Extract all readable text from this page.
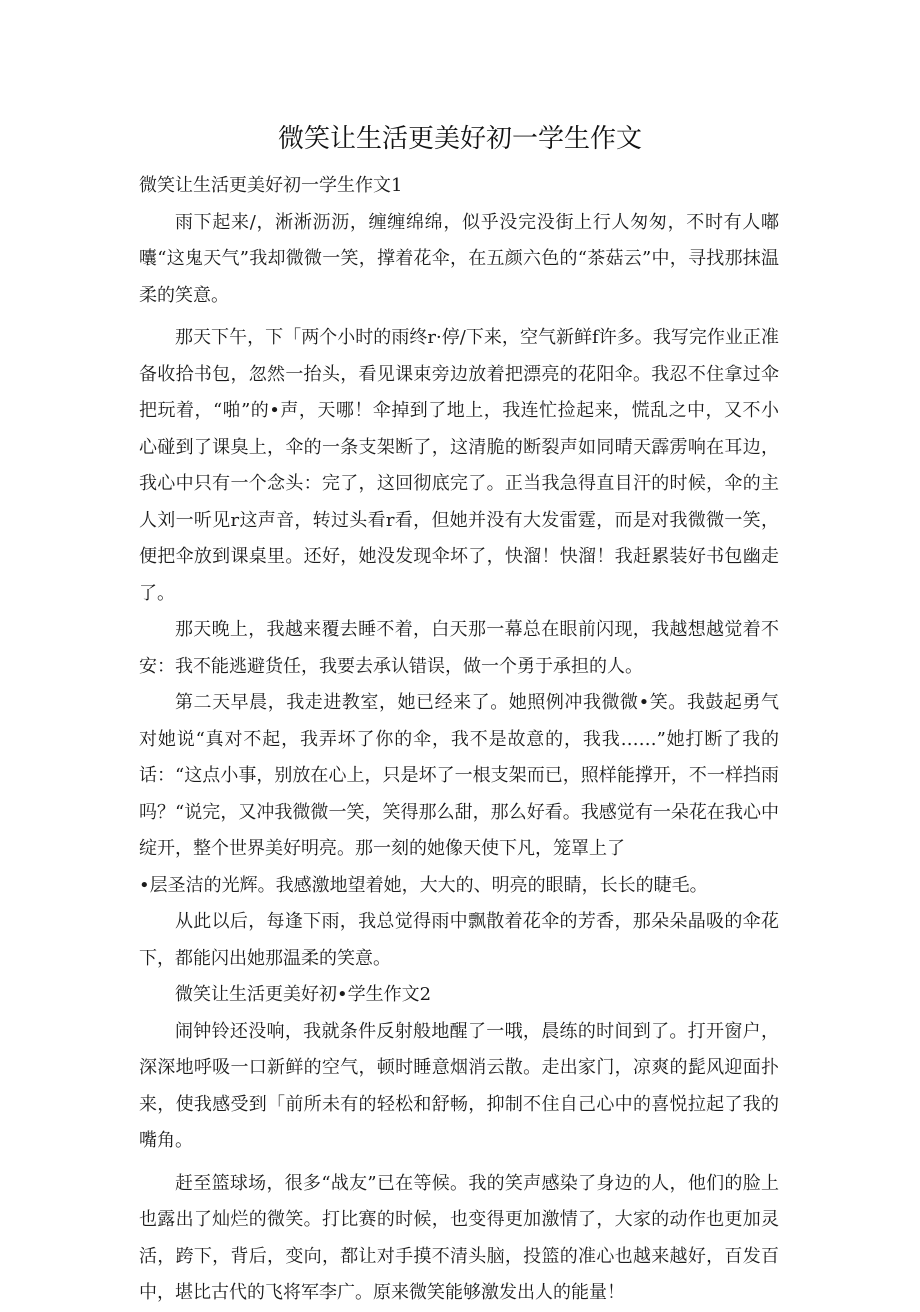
微笑让生活更美好初一学生作文

微笑让生活更美好初一学生作文1

雨下起来/，淅淅沥沥，缠缠绵绵，似乎没完没街上行人匆匆，不时有人嘟囔“这鬼天气”我却微微一笑，撑着花伞，在五颜六色的“茶菇云”中，寻找那抹温柔的笑意。

那天下午，下「两个小时的雨终r·停/下来，空气新鲜f许多。我写完作业正准备收拾书包，忽然一抬头，看见课束旁边放着把漂亮的花阳伞。我忍不住拿过伞把玩着，“啪”的•声，天哪！伞掉到了地上，我连忙捡起来，慌乱之中，又不小心碰到了课臭上，伞的一条支架断了，这清脆的断裂声如同晴天霹雳响在耳边，我心中只有一个念头：完了，这回彻底完了。正当我急得直目汗的时候，伞的主人刘一听见r这声音，转过头看r看，但她并没有大发雷霆，而是对我微微一笑，便把伞放到课桌里。还好，她没发现伞坏了，快溜！快溜！我赶累装好书包幽走了。

那天晚上，我越来覆去睡不着，白天那一幕总在眼前闪现，我越想越觉着不安：我不能逃避货任，我要去承认错误，做一个勇于承担的人。

第二天早晨，我走进教室，她已经来了。她照例冲我微微•笑。我鼓起勇气对她说“真对不起，我弄坏了你的伞，我不是故意的，我我……”她打断了我的话：“这点小事，别放在心上，只是坏了一根支架而已，照样能撑开，不一样挡雨吗？“说完，又冲我微微一笑，笑得那么甜，那么好看。我感觉有一朵花在我心中绽开，整个世界美好明亮。那一刻的她像天使下凡，笼罩上了

•层圣洁的光辉。我感激地望着她，大大的、明亮的眼睛，长长的睫毛。

从此以后，每逢下雨，我总觉得雨中飘散着花伞的芳香，那朵朵晶吸的伞花下，都能闪出她那温柔的笑意。

微笑让生活更美好初•学生作文2

闹钟铃还没响，我就条件反射般地醒了一哦，晨练的时间到了。打开窗户，深深地呼吸一口新鲜的空气，顿时睡意烟消云散。走出家门，凉爽的髭风迎面扑来，使我感受到「前所未有的轻松和舒畅，抑制不住自己心中的喜悦拉起了我的嘴角。

赶至篮球场，很多“战友”已在等候。我的笑声感染了身边的人，他们的脸上也露出了灿烂的微笑。打比赛的时候，也变得更加激情了，大家的动作也更加灵活，跨下，背后，变向，都让对手摸不清头脑，投篮的准心也越来越好，百发百中，堪比古代的飞将军李广。原来微笑能够激发出人的能量！
